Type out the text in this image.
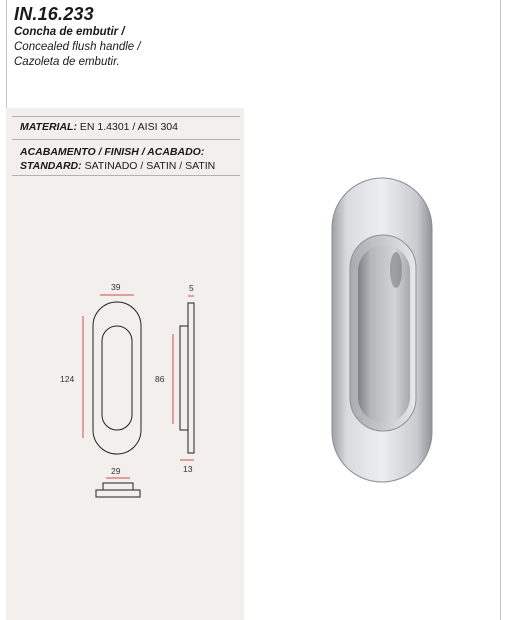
IN.16.233
Concha de embutir /
Concealed flush handle /
Cazoleta de embutir.
MATERIAL: EN 1.4301 / AISI 304
ACABAMENTO / FINISH / ACABADO:
STANDARD: SATINADO / SATIN / SATIN
39
124
5
86
13
29
